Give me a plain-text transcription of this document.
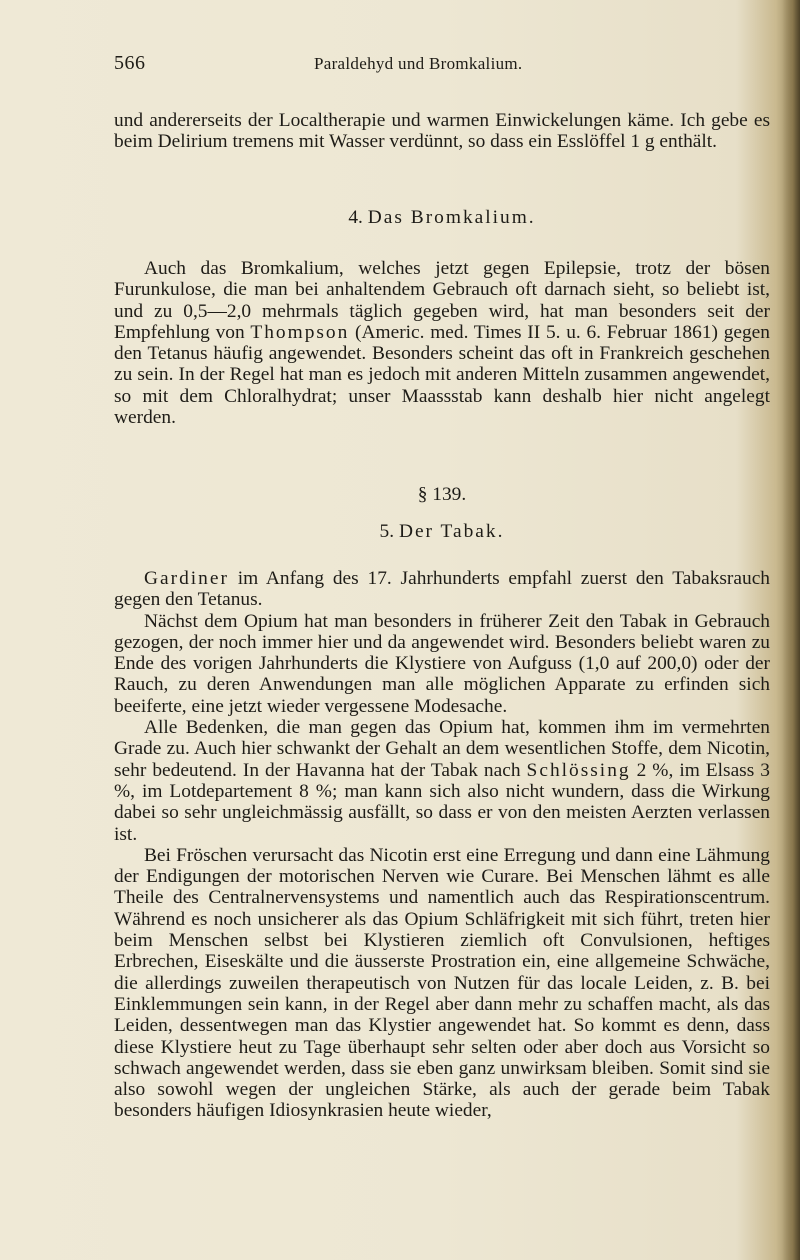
566	Paraldehyd und Bromkalium.

und andererseits der Localtherapie und warmen Einwickelungen käme. Ich gebe es beim Delirium tremens mit Wasser verdünnt, so dass ein Esslöffel 1 g enthält.

4. Das Bromkalium.

Auch das Bromkalium, welches jetzt gegen Epilepsie, trotz der bösen Furunkulose, die man bei anhaltendem Gebrauch oft darnach sieht, so beliebt ist, und zu 0,5—2,0 mehrmals täglich gegeben wird, hat man besonders seit der Empfehlung von Thompson (Americ. med. Times II 5. u. 6. Februar 1861) gegen den Tetanus häufig angewendet. Besonders scheint das oft in Frankreich geschehen zu sein. In der Regel hat man es jedoch mit anderen Mitteln zusammen angewendet, so mit dem Chloralhydrat; unser Maassstab kann deshalb hier nicht angelegt werden.

§ 139.
5. Der Tabak.

Gardiner im Anfang des 17. Jahrhunderts empfahl zuerst den Tabaksrauch gegen den Tetanus.

Nächst dem Opium hat man besonders in früherer Zeit den Tabak in Gebrauch gezogen, der noch immer hier und da angewendet wird. Besonders beliebt waren zu Ende des vorigen Jahrhunderts die Klystiere von Aufguss (1,0 auf 200,0) oder der Rauch, zu deren Anwendungen man alle möglichen Apparate zu erfinden sich beeiferte, eine jetzt wieder vergessene Modesache.

Alle Bedenken, die man gegen das Opium hat, kommen ihm im vermehrten Grade zu. Auch hier schwankt der Gehalt an dem wesentlichen Stoffe, dem Nicotin, sehr bedeutend. In der Havanna hat der Tabak nach Schlössing 2 %, im Elsass 3 %, im Lotdepartement 8 %; man kann sich also nicht wundern, dass die Wirkung dabei so sehr ungleichmässig ausfällt, so dass er von den meisten Aerzten verlassen ist.

Bei Fröschen verursacht das Nicotin erst eine Erregung und dann eine Lähmung der Endigungen der motorischen Nerven wie Curare. Bei Menschen lähmt es alle Theile des Centralnervensystems und namentlich auch das Respirationscentrum. Während es noch unsicherer als das Opium Schläfrigkeit mit sich führt, treten hier beim Menschen selbst bei Klystieren ziemlich oft Convulsionen, heftiges Erbrechen, Eiseskälte und die äusserste Prostration ein, eine allgemeine Schwäche, die allerdings zuweilen therapeutisch von Nutzen für das locale Leiden, z. B. bei Einklemmungen sein kann, in der Regel aber dann mehr zu schaffen macht, als das Leiden, dessentwegen man das Klystier angewendet hat. So kommt es denn, dass diese Klystiere heut zu Tage überhaupt sehr selten oder aber doch aus Vorsicht so schwach angewendet werden, dass sie eben ganz unwirksam bleiben. Somit sind sie also sowohl wegen der ungleichen Stärke, als auch der gerade beim Tabak besonders häufigen Idiosynkrasien heute wieder,
